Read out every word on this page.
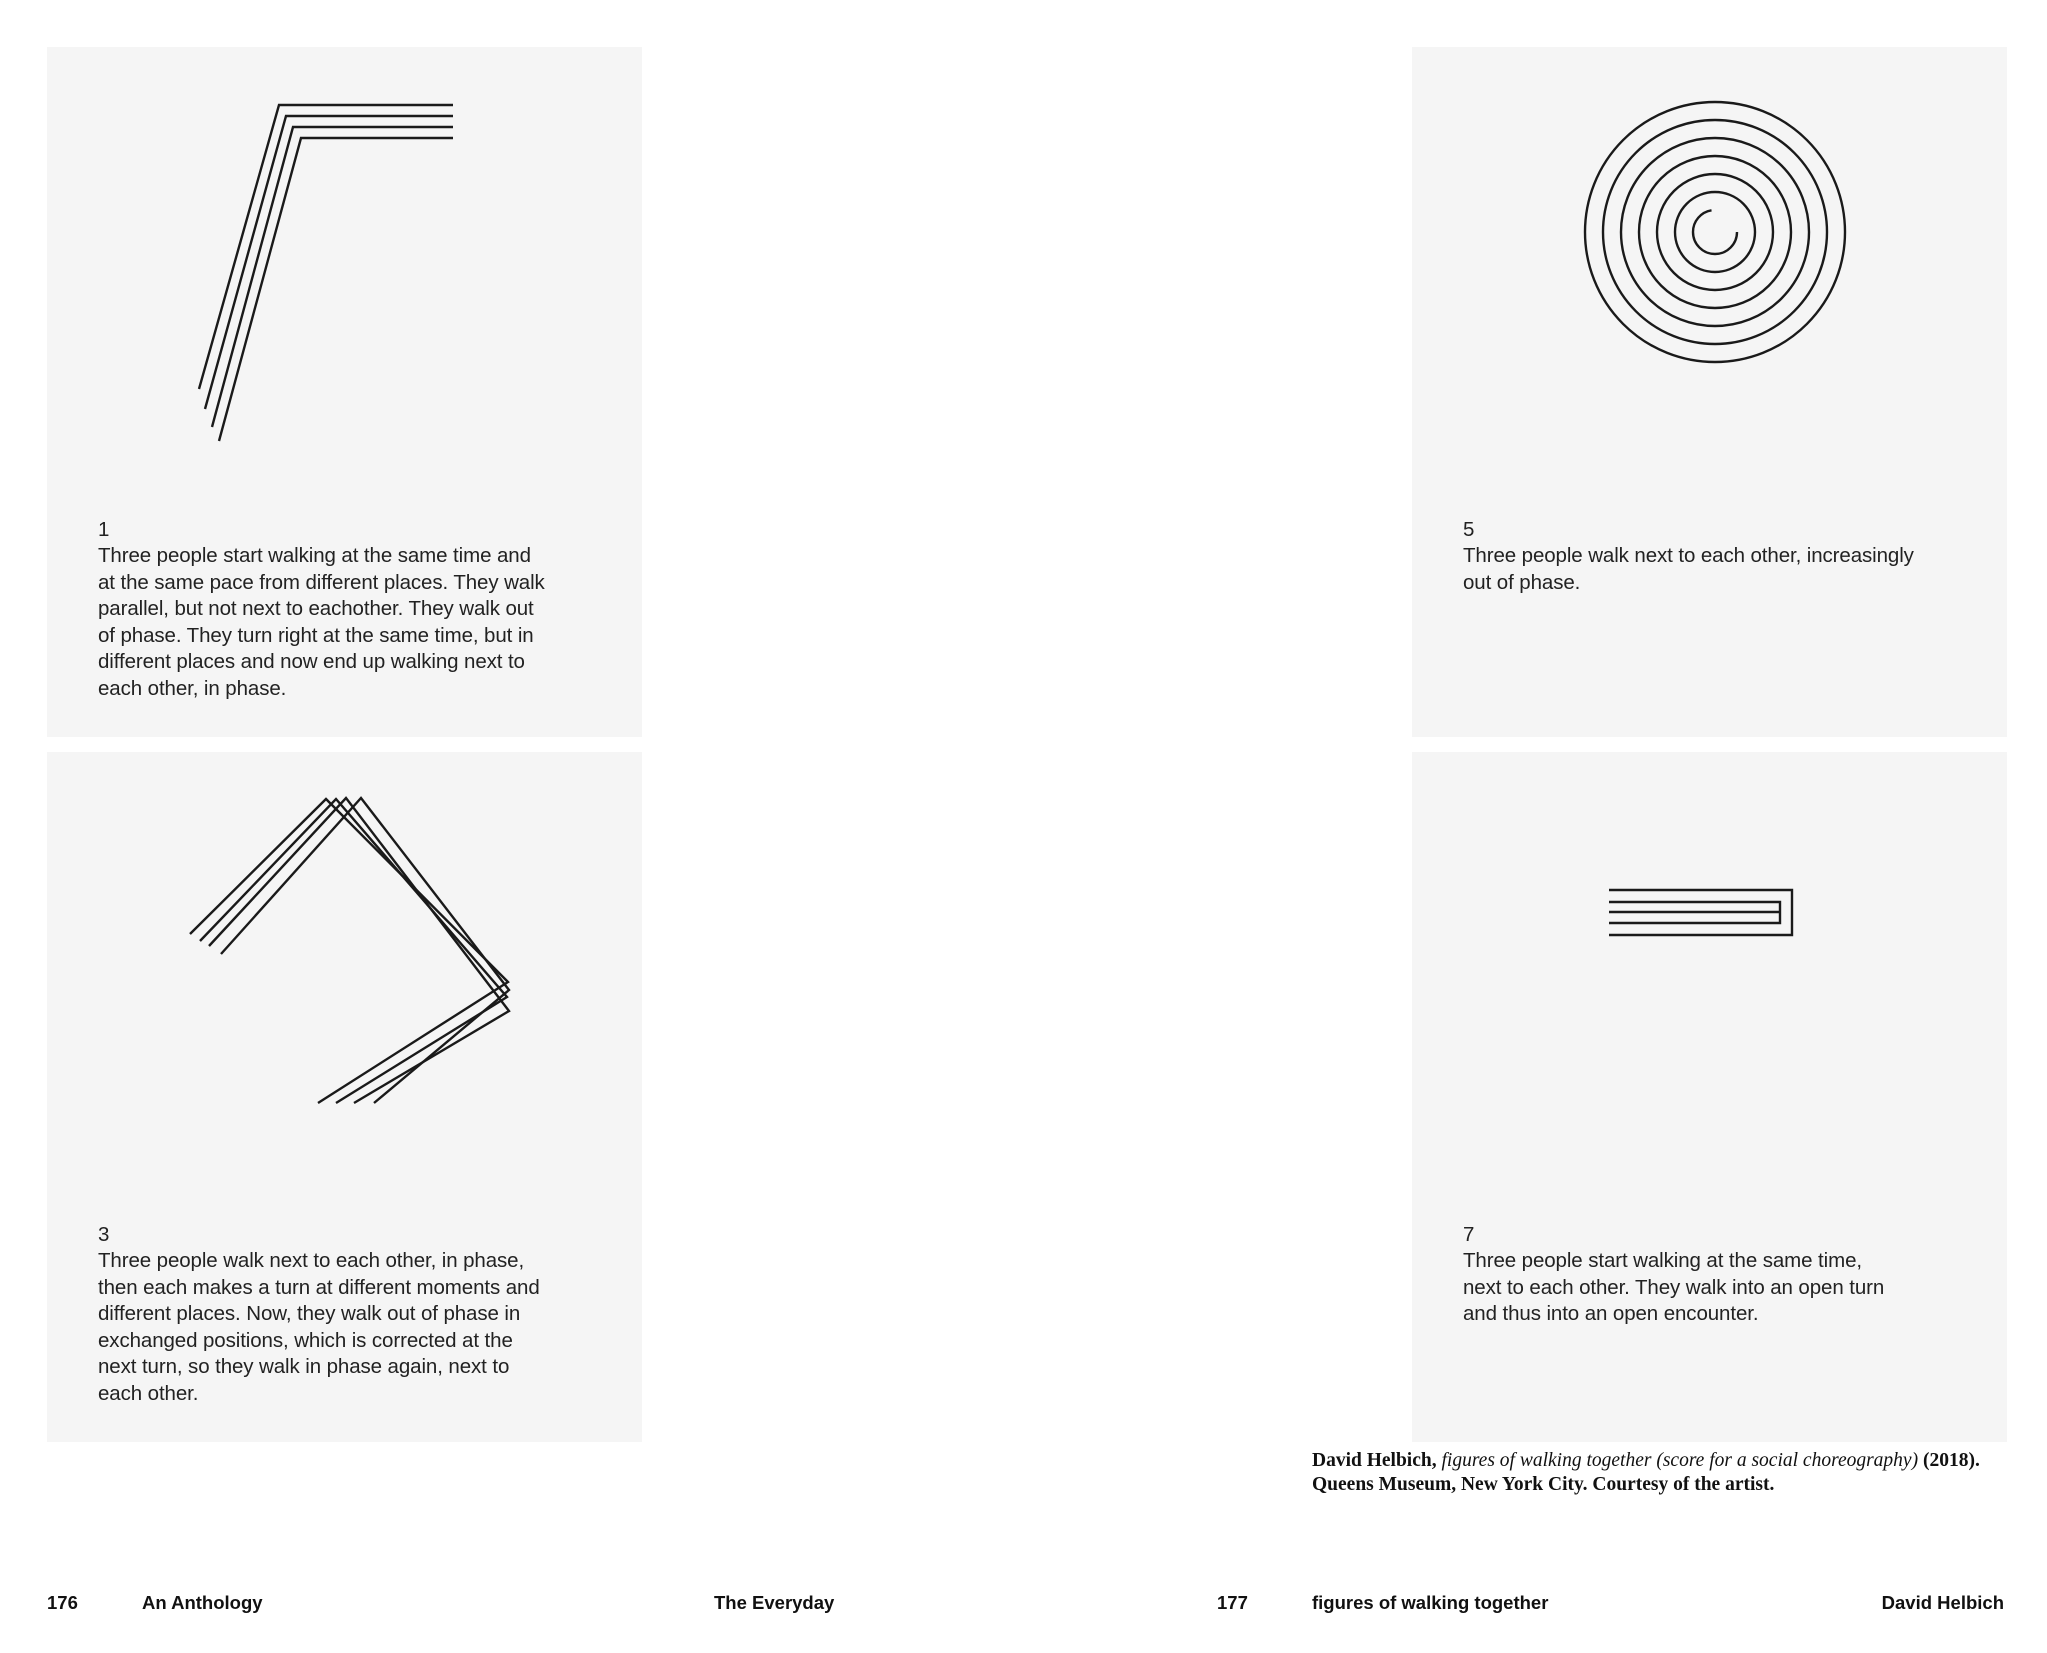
1
Three people start walking at the same time and
at the same pace from different places. They walk
parallel, but not next to eachother. They walk out
of phase. They turn right at the same time, but in
different places and now end up walking next to
each other, in phase.
3
Three people walk next to each other, in phase,
then each makes a turn at different moments and
different places. Now, they walk out of phase in
exchanged positions, which is corrected at the
next turn, so they walk in phase again, next to
each other.
5
Three people walk next to each other, increasingly
out of phase.
7
Three people start walking at the same time,
next to each other. They walk into an open turn
and thus into an open encounter.
David Helbich, figures of walking together (score for a social choreography) (2018).
Queens Museum, New York City. Courtesy of the artist.
176	An Anthology	The Everyday	177	figures of walking together	David Helbich
